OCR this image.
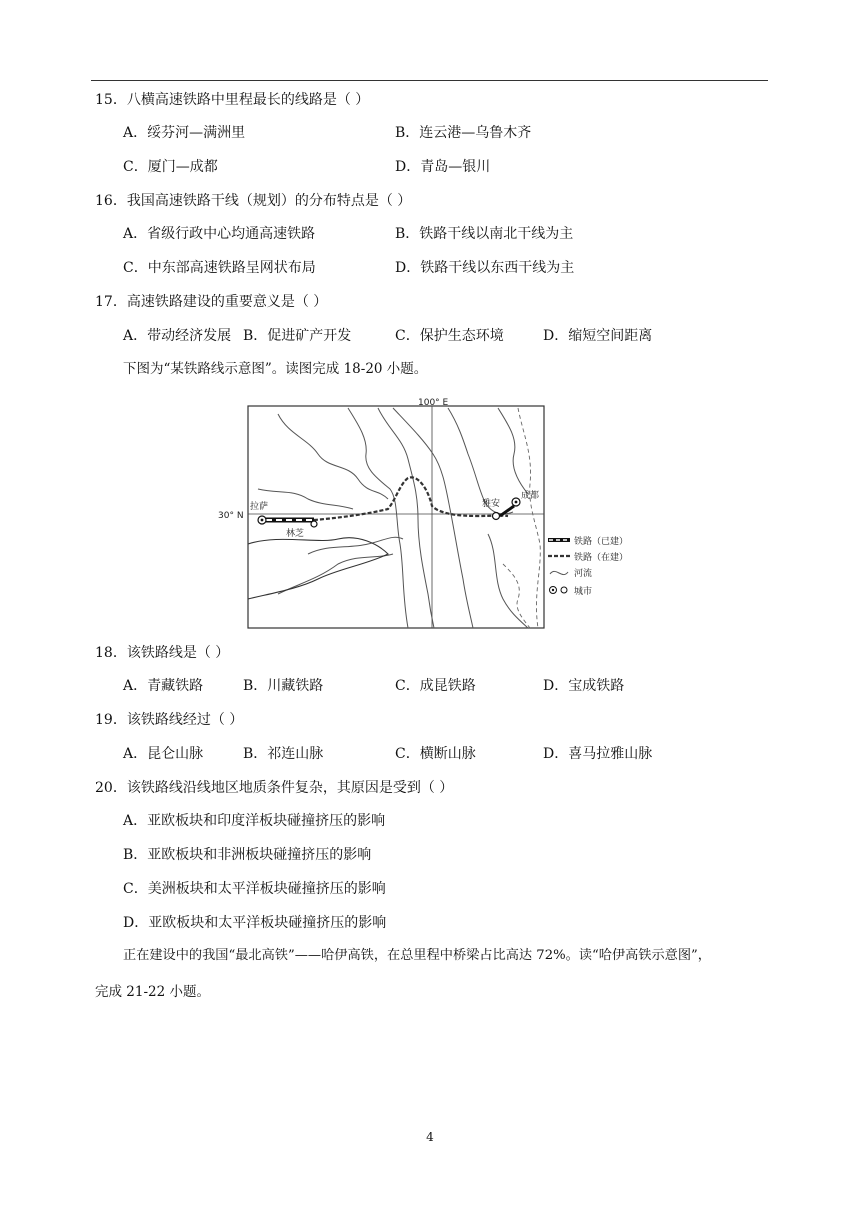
15．八横高速铁路中里程最长的线路是（ ）
A．绥芬河—满洲里	B．连云港—乌鲁木齐
C．厦门—成都	D．青岛—银川
16．我国高速铁路干线（规划）的分布特点是（ ）
A．省级行政中心均通高速铁路	B．铁路干线以南北干线为主
C．中东部高速铁路呈网状布局	D．铁路干线以东西干线为主
17．高速铁路建设的重要意义是（ ）
A．带动经济发展 B．促进矿产开发	C．保护生态环境	D．缩短空间距离
下图为“某铁路线示意图”。读图完成 18-20 小题。
100° E
30° N
拉萨
林芝
雅安
成都
铁路（已建）
铁路（在建）
河流
城市
18．该铁路线是（ ）
A．青藏铁路	B．川藏铁路	C．成昆铁路	D．宝成铁路
19．该铁路线经过（ ）
A．昆仑山脉	B．祁连山脉	C．横断山脉	D．喜马拉雅山脉
20．该铁路线沿线地区地质条件复杂，其原因是受到（ ）
A．亚欧板块和印度洋板块碰撞挤压的影响
B．亚欧板块和非洲板块碰撞挤压的影响
C．美洲板块和太平洋板块碰撞挤压的影响
D．亚欧板块和太平洋板块碰撞挤压的影响
正在建设中的我国“最北高铁”——哈伊高铁，在总里程中桥梁占比高达 72%。读“哈伊高铁示意图”，
完成 21-22 小题。
4
